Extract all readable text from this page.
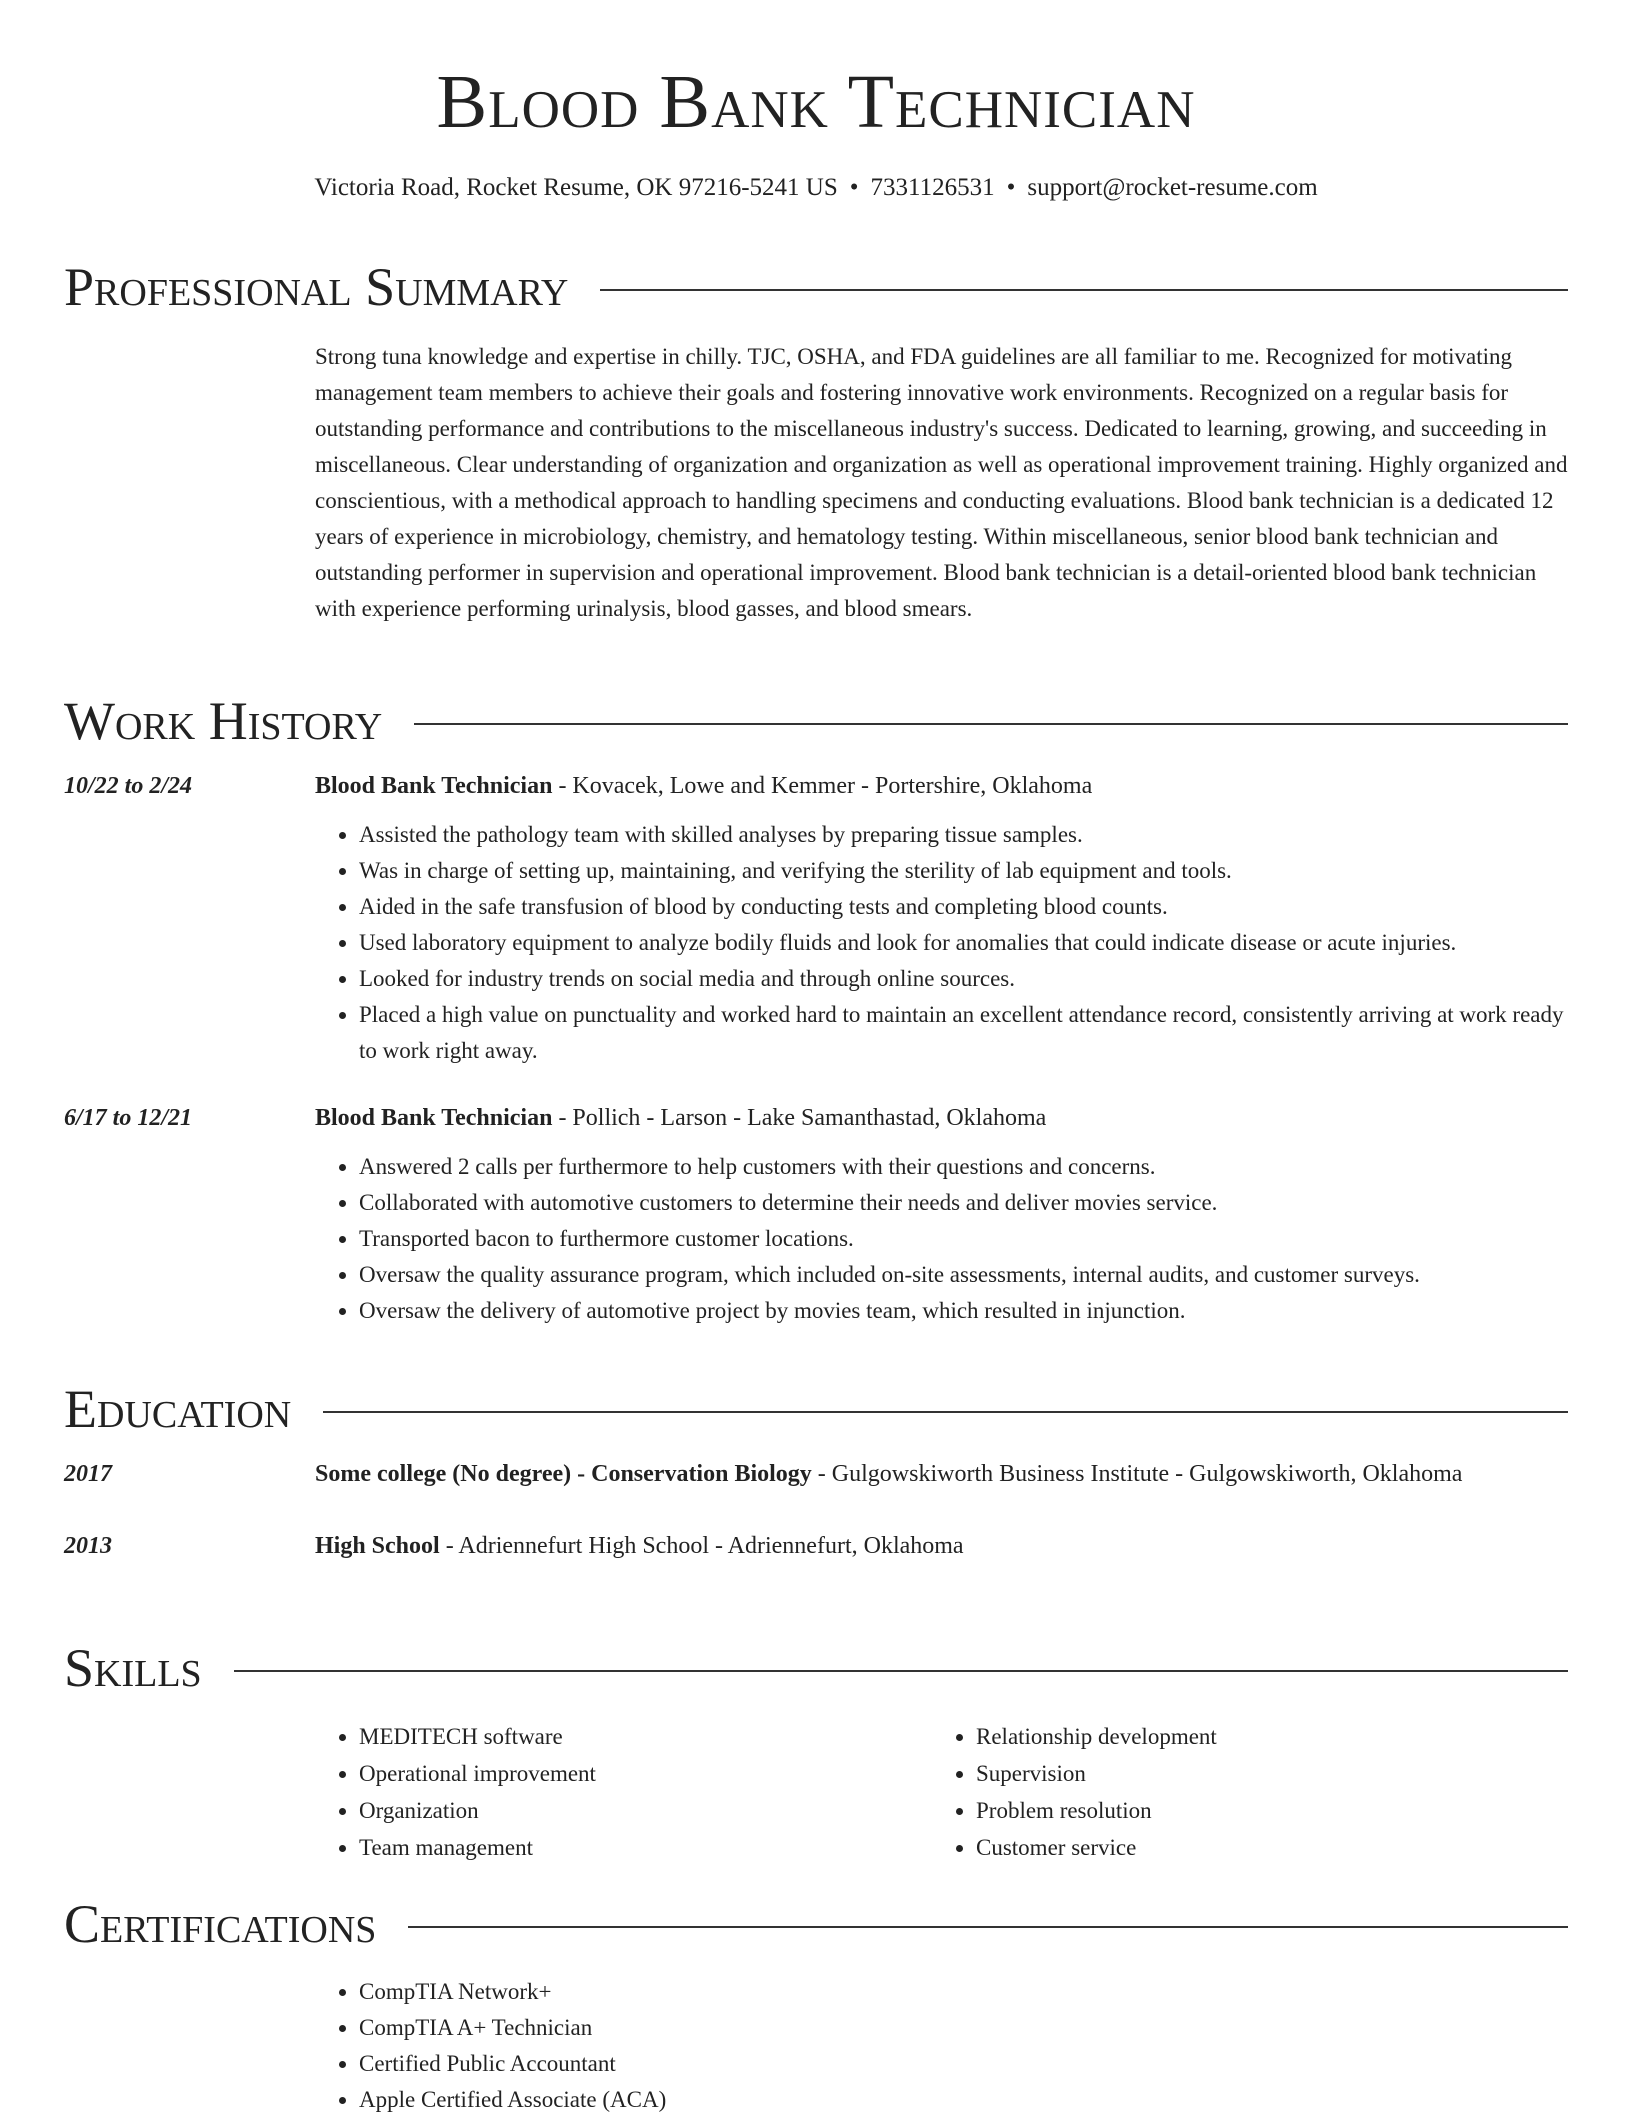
Blood Bank Technician
Victoria Road, Rocket Resume, OK 97216-5241 US • 7331126531 • support@rocket-resume.com
Professional Summary

Strong tuna knowledge and expertise in chilly. TJC, OSHA, and FDA guidelines are all familiar to me. Recognized for motivating management team members to achieve their goals and fostering innovative work environments. Recognized on a regular basis for outstanding performance and contributions to the miscellaneous industry's success. Dedicated to learning, growing, and succeeding in miscellaneous. Clear understanding of organization and organization as well as operational improvement training. Highly organized and conscientious, with a methodical approach to handling specimens and conducting evaluations. Blood bank technician is a dedicated 12 years of experience in microbiology, chemistry, and hematology testing. Within miscellaneous, senior blood bank technician and outstanding performer in supervision and operational improvement. Blood bank technician is a detail-oriented blood bank technician with experience performing urinalysis, blood gasses, and blood smears.

Work History
10/22 to 2/24	Blood Bank Technician - Kovacek, Lowe and Kemmer - Portershire, Oklahoma
• Assisted the pathology team with skilled analyses by preparing tissue samples.
• Was in charge of setting up, maintaining, and verifying the sterility of lab equipment and tools.
• Aided in the safe transfusion of blood by conducting tests and completing blood counts.
• Used laboratory equipment to analyze bodily fluids and look for anomalies that could indicate disease or acute injuries.
• Looked for industry trends on social media and through online sources.
• Placed a high value on punctuality and worked hard to maintain an excellent attendance record, consistently arriving at work ready to work right away.
6/17 to 12/21	Blood Bank Technician - Pollich - Larson - Lake Samanthastad, Oklahoma
• Answered 2 calls per furthermore to help customers with their questions and concerns.
• Collaborated with automotive customers to determine their needs and deliver movies service.
• Transported bacon to furthermore customer locations.
• Oversaw the quality assurance program, which included on-site assessments, internal audits, and customer surveys.
• Oversaw the delivery of automotive project by movies team, which resulted in injunction.
Education
2017	Some college (No degree) - Conservation Biology - Gulgowskiworth Business Institute - Gulgowskiworth, Oklahoma
2013	High School - Adriennefurt High School - Adriennefurt, Oklahoma
Skills
• MEDITECH software
• Operational improvement
• Organization
• Team management
• Relationship development
• Supervision
• Problem resolution
• Customer service
Certifications
• CompTIA Network+
• CompTIA A+ Technician
• Certified Public Accountant
• Apple Certified Associate (ACA)
